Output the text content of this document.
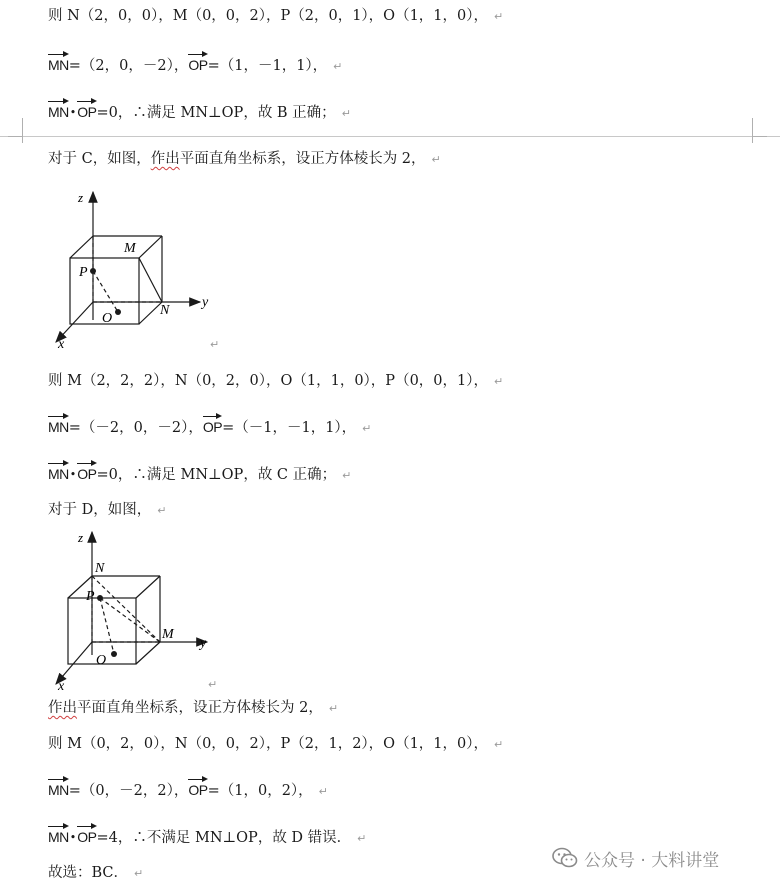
则 N（2，0，0），M（0，0，2），P（2，0，1），O（1，1，0）， ↵
MN=（2，0，－2），OP=（1，－1，1）， ↵
MN•OP=0，∴满足 MN⊥OP，故 B 正确； ↵
对于 C，如图，作出平面直角坐标系，设正方体棱长为 2， ↵
z
y
x
M
N
P
O
↵
则 M（2，2，2），N（0，2，0），O（1，1，0），P（0，0，1）， ↵
MN=（－2，0，－2），OP=（－1，－1，1）， ↵
MN•OP=0，∴满足 MN⊥OP，故 C 正确； ↵
对于 D，如图， ↵
z
y
x
M
N
P
O
↵
作出平面直角坐标系，设正方体棱长为 2， ↵
则 M（0，2，0），N（0，0，2），P（2，1，2），O（1，1，0）， ↵
MN=（0，－2，2），OP=（1，0，2）， ↵
MN•OP=4，∴不满足 MN⊥OP，故 D 错误． ↵
故选：BC． ↵
公众号 · 大料讲堂
